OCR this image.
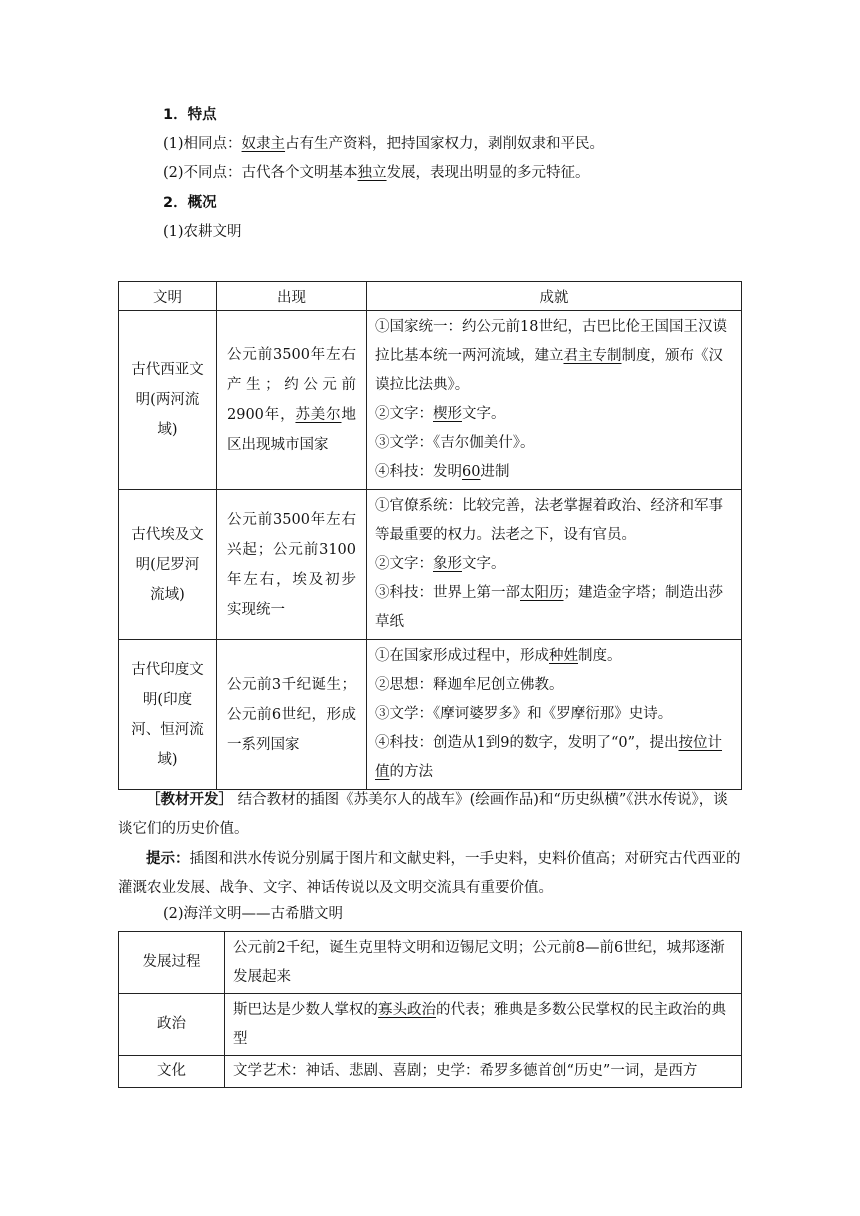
1．特点
(1)相同点：奴隶主占有生产资料，把持国家权力，剥削奴隶和平民。
(2)不同点：古代各个文明基本独立发展，表现出明显的多元特征。
2．概况
(1)农耕文明
文明	出现	成就
古代西亚文明(两河流域)	公元前3500年左右产生；约公元前2900年，苏美尔地区出现城市国家	①国家统一：约公元前18世纪，古巴比伦王国国王汉谟拉比基本统一两河流域，建立君主专制制度，颁布《汉谟拉比法典》。
②文字：楔形文字。
③文学：《吉尔伽美什》。
④科技：发明60进制

古代埃及文明(尼罗河流域)	公元前3500年左右兴起；公元前3100年左右，埃及初步实现统一	①官僚系统：比较完善，法老掌握着政治、经济和军事等最重要的权力。法老之下，设有官员。
②文字：象形文字。
③科技：世界上第一部太阳历；建造金字塔；制造出莎草纸

古代印度文明(印度河、恒河流域)	公元前3千纪诞生；公元前6世纪，形成一系列国家	①在国家形成过程中，形成种姓制度。
②思想：释迦牟尼创立佛教。
③文学：《摩诃婆罗多》和《罗摩衍那》史诗。
④科技：创造从1到9的数字，发明了“0”，提出按位计值的方法
［教材开发］ 结合教材的插图《苏美尔人的战车》(绘画作品)和“历史纵横”《洪水传说》，谈谈它们的历史价值。
提示：插图和洪水传说分别属于图片和文献史料，一手史料，史料价值高；对研究古代西亚的灌溉农业发展、战争、文字、神话传说以及文明交流具有重要价值。
(2)海洋文明——古希腊文明
发展过程	公元前2千纪，诞生克里特文明和迈锡尼文明；公元前8—前6世纪，城邦逐渐发展起来
政治	斯巴达是少数人掌权的寡头政治的代表；雅典是多数公民掌权的民主政治的典型
文化	文学艺术：神话、悲剧、喜剧；史学：希罗多德首创“历史”一词，是西方
